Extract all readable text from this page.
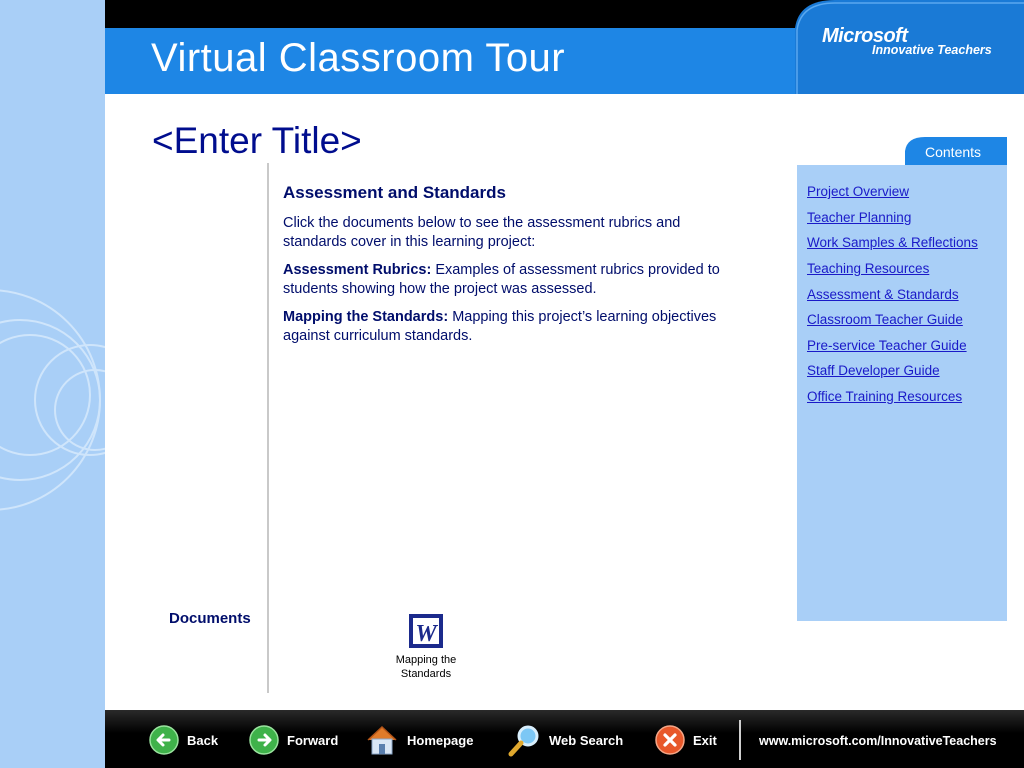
Virtual Classroom Tour	Microsoft
Innovative Teachers
<Enter Title>
Assessment and Standards
Click the documents below to see the assessment rubrics and standards cover in this learning project:
Assessment Rubrics: Examples of assessment rubrics provided to students showing how the project was assessed.
Mapping the Standards: Mapping this project’s learning objectives against curriculum standards.
Contents
Project Overview
Teacher Planning
Work Samples & Reflections
Teaching Resources
Assessment & Standards
Classroom Teacher Guide
Pre-service Teacher Guide
Staff Developer Guide
Office Training Resources
Documents
W
Mapping the
Standards
Back	Forward	Homepage	Web Search	Exit	www.microsoft.com/InnovativeTeachers
